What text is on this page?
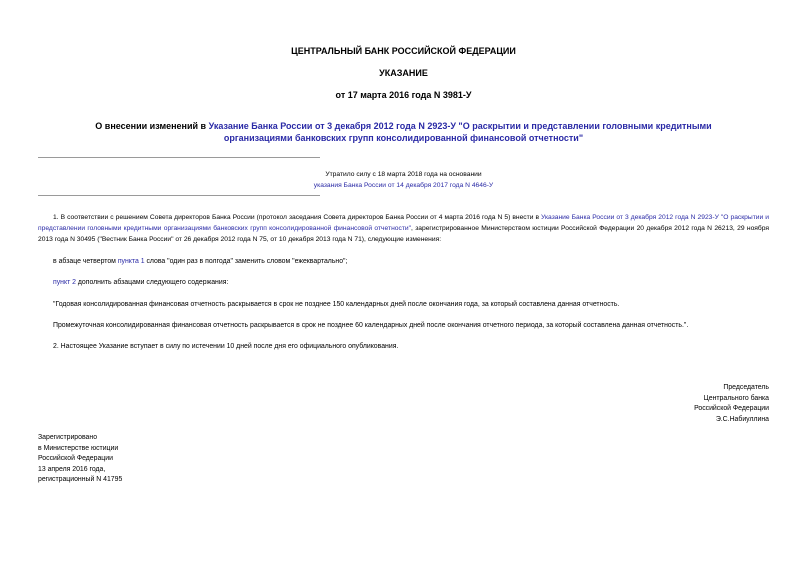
ЦЕНТРАЛЬНЫЙ БАНК РОССИЙСКОЙ ФЕДЕРАЦИИ
УКАЗАНИЕ
от 17 марта 2016 года N 3981-У
О внесении изменений в Указание Банка России от 3 декабря 2012 года N 2923-У "О раскрытии и представлении головными кредитными организациями банковских групп консолидированной финансовой отчетности"
Утратило силу с 18 марта 2018 года на основании
указания Банка России от 14 декабря 2017 года N 4646-У
1. В соответствии с решением Совета директоров Банка России (протокол заседания Совета директоров Банка России от 4 марта 2016 года N 5) внести в Указание Банка России от 3 декабря 2012 года N 2923-У "О раскрытии и представлении головными кредитными организациями банковских групп консолидированной финансовой отчетности", зарегистрированное Министерством юстиции Российской Федерации 20 декабря 2012 года N 26213, 29 ноября 2013 года N 30495 ("Вестник Банка России" от 26 декабря 2012 года N 75, от 10 декабря 2013 года N 71), следующие изменения:
в абзаце четвертом пункта 1 слова "один раз в полгода" заменить словом "ежеквартально";
пункт 2 дополнить абзацами следующего содержания:
"Годовая консолидированная финансовая отчетность раскрывается в срок не позднее 150 календарных дней после окончания года, за который составлена данная отчетность.
Промежуточная консолидированная финансовая отчетность раскрывается в срок не позднее 60 календарных дней после окончания отчетного периода, за который составлена данная отчетность.".
2. Настоящее Указание вступает в силу по истечении 10 дней после дня его официального опубликования.
Председатель
Центрального банка
Российской Федерации
Э.С.Набиуллина
Зарегистрировано
в Министерстве юстиции
Российской Федерации
13 апреля 2016 года,
регистрационный N 41795
